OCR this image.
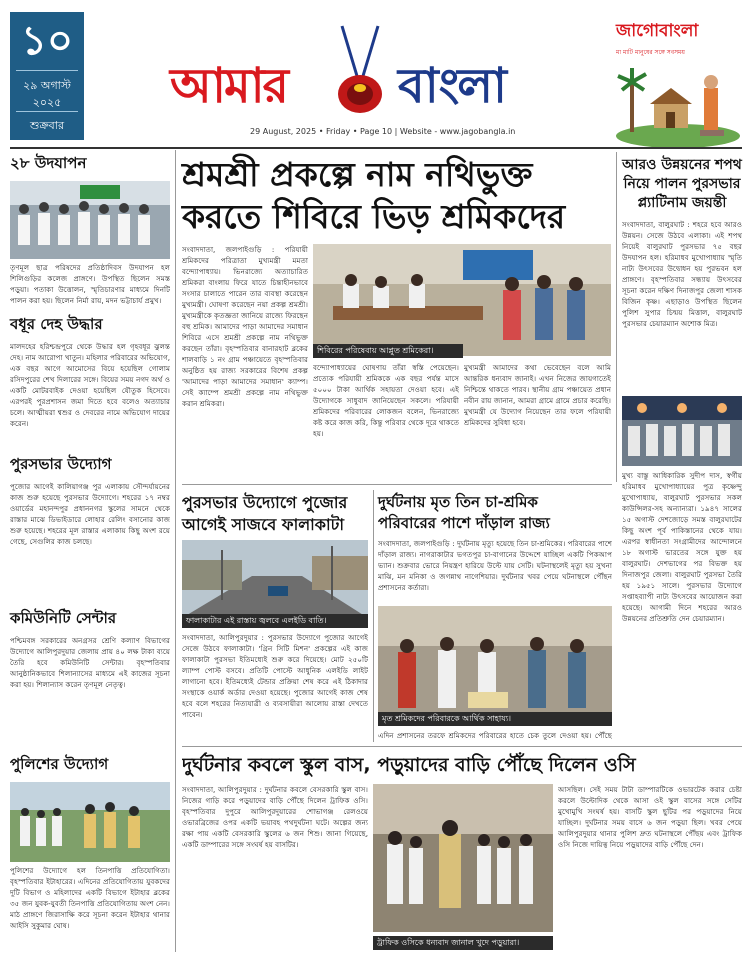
১০
২৯ অগাস্ট
২০২৫
শুক্রবার
আমার বাংলা
29 August, 2025 • Friday • Page 10 | Website - www.jagobangla.in
জাগোবাংলা
মা মাটি মানুষের সঙ্গে সবসময়
২৮ উদযাপন
তৃণমূল ছাত্র পরিষদের প্রতিষ্ঠাদিবস উদযাপন হল শিলিগুড়ির কলেজ প্রাঙ্গণে। উপস্থিত ছিলেন সমস্ত পড়ুয়া। পতাকা উত্তোলন, স্মৃতিচারণার মাধ্যমে দিনটি পালন করা হয়। ছিলেন নির্মা রায়, মদন ভট্টাচার্য প্রমুখ।
বধূর দেহ উদ্ধার
মালদহের হরিশ্চন্দ্রপুরে থেকে উদ্ধার হল গৃহবধূর ঝুলন্ত দেহ। নাম আরোপা খাতুন। মহিলার পরিবারের অভিযোগ, এক বছর আগে আমোসের বিয়ে হয়েছিল গোলাম রসিদপুরের শেখ দিলারের সঙ্গে। বিয়ের সময় নগদ অর্থ ও একটি মোটরবাইক দেওয়া হয়েছিল যৌতুক হিসেবে। এরপরই পুরপ্রশাসন জমা দিতে হবে বলেও অত্যাচার চলে। আত্মীয়রা শ্বশুর ও দেবরের নামে অভিযোগ দায়ের করেন।
পুরসভার উদ্যোগ
পুজোর আগেই কালিয়াগঞ্জ পুর এলাকায় সৌন্দর্যায়নের কাজ শুরু হয়েছে পুরসভার উদ্যোগে। শহরের ১৭ নম্বর ওয়ার্ডের মহানন্দপুর প্রধাননগর স্কুলের সামনে থেকে রাস্তার মাঝে ডিভাইডারে লোহার রেলিং বসানোর কাজ শুরু হয়েছে। শহরের মূল রাস্তার এলাকায় কিছু অংশ রয়ে গেছে, সেগুলির কাজ চলছে।
কমিউনিটি সেন্টার
পশ্চিমবঙ্গ সরকারের অনগ্রসর শ্রেণি কল্যাণ বিভাগের উদ্যোগে আলিপুরদুয়ার জেলায় প্রায় ৪০ লক্ষ টাকা ব্যয়ে তৈরি হবে কমিউনিটি সেন্টার। বৃহস্পতিবার আনুষ্ঠানিকভাবে শিলান্যাসের মাধ্যমে এই কাজের সূচনা করা হয়। শিলান্যাস করেন তৃণমূল নেতৃত্ব।
পুলিশের উদ্যোগ
পুলিশের উদ্যোগে হল তিনপাত্তি প্রতিযোগিতা। বৃহস্পতিবার ইটাহারের। এদিনের প্রতিযোগিতায় যুবকদের দুটি বিভাগ ও মহিলাদের একটি বিভাগে ইটাহার ব্লকের ৩৫ জন যুবক-যুবতী তিনপাত্তি প্রতিযোগিতায় অংশ নেন। মাঠ প্রাঙ্গণে জিরাসাক্ষি করে সূচনা করেন ইটাহার থানার আইসি সুকুমার ঘোষ।
শ্রমশ্রী প্রকল্পে নাম নথিভুক্ত
করতে শিবিরে ভিড় শ্রমিকদের
সংবাদদাতা, জলপাইগুড়ি : পরিযায়ী শ্রমিকদের পরিত্রাতা মুখ্যমন্ত্রী মমতা বন্দ্যোপাধ্যায়। ভিনরাজ্যে অত্যাচারিত শ্রমিকরা বাংলায় ফিরে যাতে চিন্তাহীনভাবে সংসার চালাতে পারেন তার ব্যবস্থা করেছেন মুখ্যমন্ত্রী। ঘোষণা করেছেন নয়া প্রকল্প শ্রমশ্রী। মুখ্যমন্ত্রীকে কৃতজ্ঞতা জানিয়ে রাজ্যে ফিরছেন বহু শ্রমিক। আমাদের পাড়া আমাদের সমাধান শিবিরে এসে শ্রমশ্রী প্রকল্পে নাম নথিভুক্ত করছেন তাঁরা। বৃহস্পতিবার বানারহাট ব্লকের শালবাড়ি ১ নং গ্রাম পঞ্চায়েতে বৃহস্পতিবার অনুষ্ঠিত হয় রাজ্য সরকারের বিশেষ প্রকল্প 'আমাদের পাড়া আমাদের সমাধান' ক্যাম্প। সেই ক্যাম্পে শ্রমশ্রী প্রকল্পে নাম নথিভুক্ত করান শ্রমিকরা।
শিবিরের পরিষেবায় আপ্লুত শ্রমিকেরা।
বন্দ্যোপাধ্যায়ের ঘোষণায় তাঁরা স্বস্তি পেয়েছেন। প্রত্যেক পরিযায়ী শ্রমিককে এক বছর পর্যন্ত মাসে ৫০০০ টাকা আর্থিক সহায়তা দেওয়া হবে। এই উদ্যোগকে সাধুবাদ জানিয়েছেন সকলে। পরিযায়ী শ্রমিকদের পরিবারের লোকজন বলেন, ভিনরাজ্যে কষ্ট করে কাজ করি, কিন্তু পরিবার থেকে দূরে থাকতে হয়।
মুখ্যমন্ত্রী আমাদের কথা ভেবেছেন বলে আমি আন্তরিক ধন্যবাদ জানাই। এখন নিজের জায়গাতেই নিশ্চিন্তে থাকতে পারব। স্থানীয় গ্রাম পঞ্চায়েত প্রধান নবীন রায় জানান, আমরা গ্রামে গ্রামে প্রচার করেছি। মুখ্যমন্ত্রী যে উদ্যোগ নিয়েছেন তার ফলে পরিযায়ী শ্রমিকদের সুবিধা হবে।
আরও উন্নয়নের শপথ নিয়ে পালন পুরসভার প্ল্যাটিনাম জয়ন্তী
সংবাদদাতা, বালুরঘাট : শহরে হবে আরও উন্নয়ন। সেজে উঠবে এলাকা। এই শপথ নিয়েই বালুরঘাট পুরসভার ৭৫ বছর উদযাপন হল। হরিমাধব মুখোপাধ্যায় স্মৃতি নাট্য উৎসবের উদ্বোধন হয় পুরভবন হল প্রাঙ্গণে। বৃহস্পতিবার সন্ধ্যায় উৎসবের সূচনা করেন দক্ষিণ দিনাজপুর জেলা শাসক বিজিন কৃষ্ণ। এছাড়াও উপস্থিত ছিলেন পুলিশ সুপার চিন্ময় মিত্তাল, বালুরঘাট পুরসভার চেয়ারম্যান অশোক মিত্র।
মুখ্য বাস্তু আধিকারিক সুদীপ দাস, স্বর্গীয় হরিমাধব মুখোপাধ্যায়ের পুত্র কৃষ্ণেন্দু মুখোপাধ্যায়, বালুরঘাট পুরসভার সকল কাউন্সিলর-সহ অন্যান্যরা। ১৯৪৭ সালের ১৫ অগাস্ট দেশজোড়ে সমস্ত বালুরঘাটের কিছু অংশ পূর্ব পাকিস্তানের থেকে যায়। এরপর স্বাধীনতা সংগ্রামীদের আন্দোলনে ১৮ অগাস্ট ভারতের সঙ্গে যুক্ত হয় বালুরঘাট। দেশভাগের পর বিভক্ত হয় দিনাজপুর জেলা। বালুরঘাট পুরসভা তৈরি হয় ১৯৫১ সালে। পুরসভার উদ্যোগে সপ্তাহব্যাপী নাট্য উৎসবের আয়োজন করা হয়েছে। আগামী দিনে শহরের আরও উন্নয়নের প্রতিশ্রুতি দেন চেয়ারম্যান।
পুরসভার উদ্যোগে পুজোর
আগেই সাজবে ফালাকাটা
ফালাকাটার এই রাস্তায় জ্বলবে এলইডি বাতি।
সংবাদদাতা, আলিপুরদুয়ার : পুরসভার উদ্যোগে পুজোর আগেই সেজে উঠবে ফালাকাটা। 'গ্রিন সিটি মিশন' প্রকল্পের এই কাজ ফালাকাটা পুরসভা ইতিমধ্যেই শুরু করে দিয়েছে। মোট ২৫০টি ল্যাম্প পোস্ট বসবে। প্রতিটি পোস্টে আধুনিক এলইডি লাইট লাগানো হবে। ইতিমধ্যেই টেন্ডার প্রক্রিয়া শেষ করে এই ঠিকাদার সংস্থাকে ওয়ার্ক অর্ডার দেওয়া হয়েছে। পুজোর আগেই কাজ শেষ হবে বলে শহরের নিত্যযাত্রী ও ব্যবসায়ীরা আলোয় রাস্তা দেখতে পাবেন।
দুর্ঘটনায় মৃত তিন চা-শ্রমিক
পরিবারের পাশে দাঁড়াল রাজ্য
সংবাদদাতা, জলপাইগুড়ি : দুর্ঘটনায় মৃত্যু হয়েছে তিন চা-শ্রমিকের। পরিবারের পাশে দাঁড়াল রাজ্য। নাগরাকাটার ভগতপুর চা-বাগানের উদ্দেশে যাচ্ছিল একটি পিকআপ ভ্যান। শুক্রবার ভোরে নিয়ন্ত্রণ হারিয়ে উল্টে যায় সেটি। ঘটনাস্থলেই মৃত্যু হয় সুখনা মাঝি, মন মনিকা ও জগন্নাথ নাগেশিয়ার। দুর্ঘটনার খবর পেয়ে ঘটনাস্থলে পৌঁছন প্রশাসনের কর্তারা।
মৃত শ্রমিকদের পরিবারকে আর্থিক সাহায্য।
এদিন প্রশাসনের তরফে শ্রমিকদের পরিবারের হাতে চেক তুলে দেওয়া হয়। পৌঁছে
দুর্ঘটনার কবলে স্কুল বাস, পড়ুয়াদের বাড়ি পৌঁছে দিলেন ওসি
সংবাদদাতা, আলিপুরদুয়ার : দুর্ঘটনার কবলে বেসরকারি স্কুল বাস। নিজের গাড়ি করে পড়ুয়াদের বাড়ি পৌঁছে দিলেন ট্রাফিক ওসি। বৃহস্পতিবার দুপুরে আলিপুরদুয়ারের শোভাগঞ্জ রেলওয়ে ওভারব্রিজের ওপর একটি ভয়াবহ পথদুর্ঘটনা ঘটে। অল্পের জন্য রক্ষা পায় একটি বেসরকারি স্কুলের ৬ জন শিশু। জানা গিয়েছে, একটি ডাম্পারের সঙ্গে সংঘর্ষ হয় বাসটির।
ট্রাফিক ওসিকে ধন্যবাদ জানাল খুদে পড়ুয়ারা।
আসছিল। সেই সময় টাটা ডাম্পারটিকে ওভারটেক করার চেষ্টা করলে উল্টোদিক থেকে আসা ওই স্কুল বাসের সঙ্গে সেটির মুখোমুখি সংঘর্ষ হয়। বাসটি স্কুল ছুটির পর পড়ুয়াদের নিয়ে যাচ্ছিল। দুর্ঘটনার সময় বাসে ৬ জন পড়ুয়া ছিল। খবর পেয়ে আলিপুরদুয়ার থানার পুলিশ দ্রুত ঘটনাস্থলে পৌঁছয় এবং ট্রাফিক ওসি নিজে দায়িত্ব নিয়ে পড়ুয়াদের বাড়ি পৌঁছে দেন।
